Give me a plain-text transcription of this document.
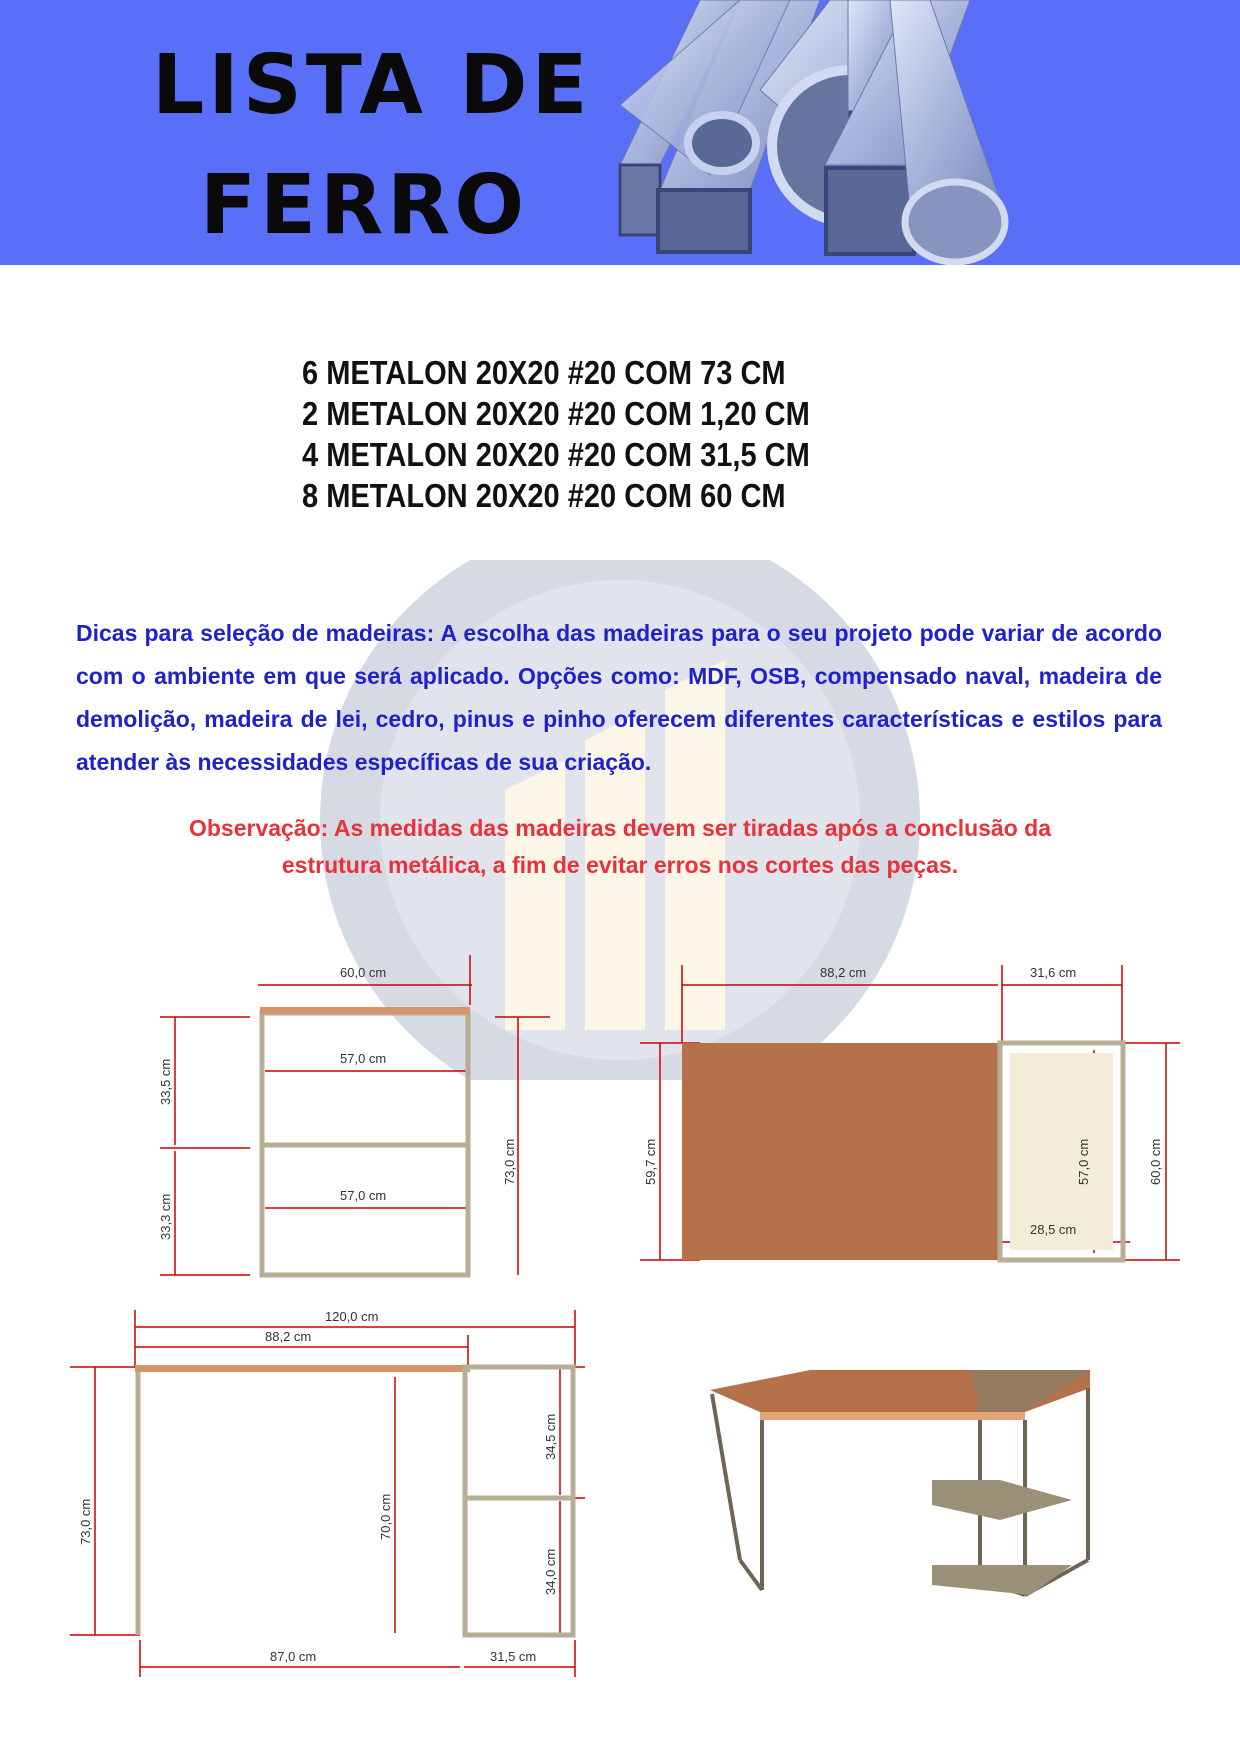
LISTA DE
FERRO
6 METALON 20X20 #20 COM 73 CM
2 METALON 20X20 #20 COM 1,20 CM
4 METALON 20X20 #20 COM 31,5 CM
8 METALON 20X20 #20 COM 60 CM
Dicas para seleção de madeiras: A escolha das madeiras para o seu projeto pode variar de acordo com o ambiente em que será aplicado. Opções como: MDF, OSB, compensado naval, madeira de demolição, madeira de lei, cedro, pinus e pinho oferecem diferentes características e estilos para atender às necessidades específicas de sua criação.
Observação: As medidas das madeiras devem ser tiradas após a conclusão da
estrutura metálica, a fim de evitar erros nos cortes das peças.
60,0 cm
57,0 cm
57,0 cm
33,5 cm
33,3 cm
73,0 cm
88,2 cm	31,6 cm
59,7 cm	57,0 cm	60,0 cm
28,5 cm
120,0 cm
88,2 cm
73,0 cm	70,0 cm
34,5 cm
34,0 cm
87,0 cm	31,5 cm
